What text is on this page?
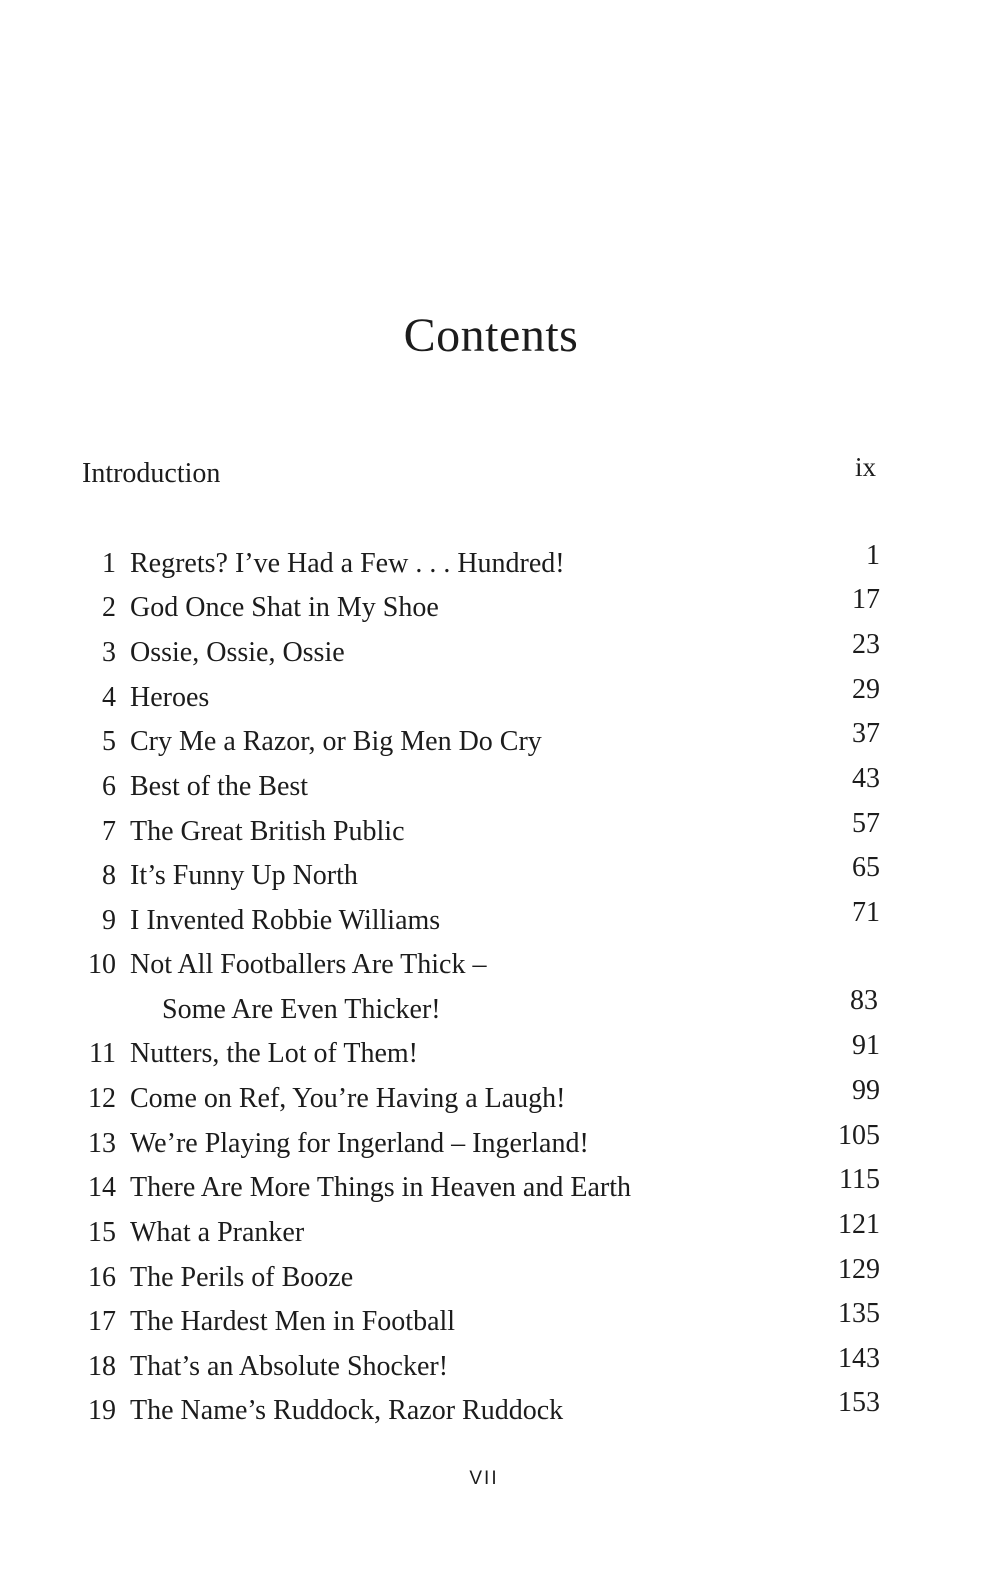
Contents
Introduction	ix
1 Regrets? I’ve Had a Few . . . Hundred!	1
2 God Once Shat in My Shoe	17
3 Ossie, Ossie, Ossie	23
4 Heroes	29
5 Cry Me a Razor, or Big Men Do Cry	37
6 Best of the Best	43
7 The Great British Public	57
8 It’s Funny Up North	65
9 I Invented Robbie Williams	71
10 Not All Footballers Are Thick –
Some Are Even Thicker!	83
11 Nutters, the Lot of Them!	91
12 Come on Ref, You’re Having a Laugh!	99
13 We’re Playing for Ingerland – Ingerland!	105
14 There Are More Things in Heaven and Earth	115
15 What a Pranker	121
16 The Perils of Booze	129
17 The Hardest Men in Football	135
18 That’s an Absolute Shocker!	143
19 The Name’s Ruddock, Razor Ruddock	153
VII
